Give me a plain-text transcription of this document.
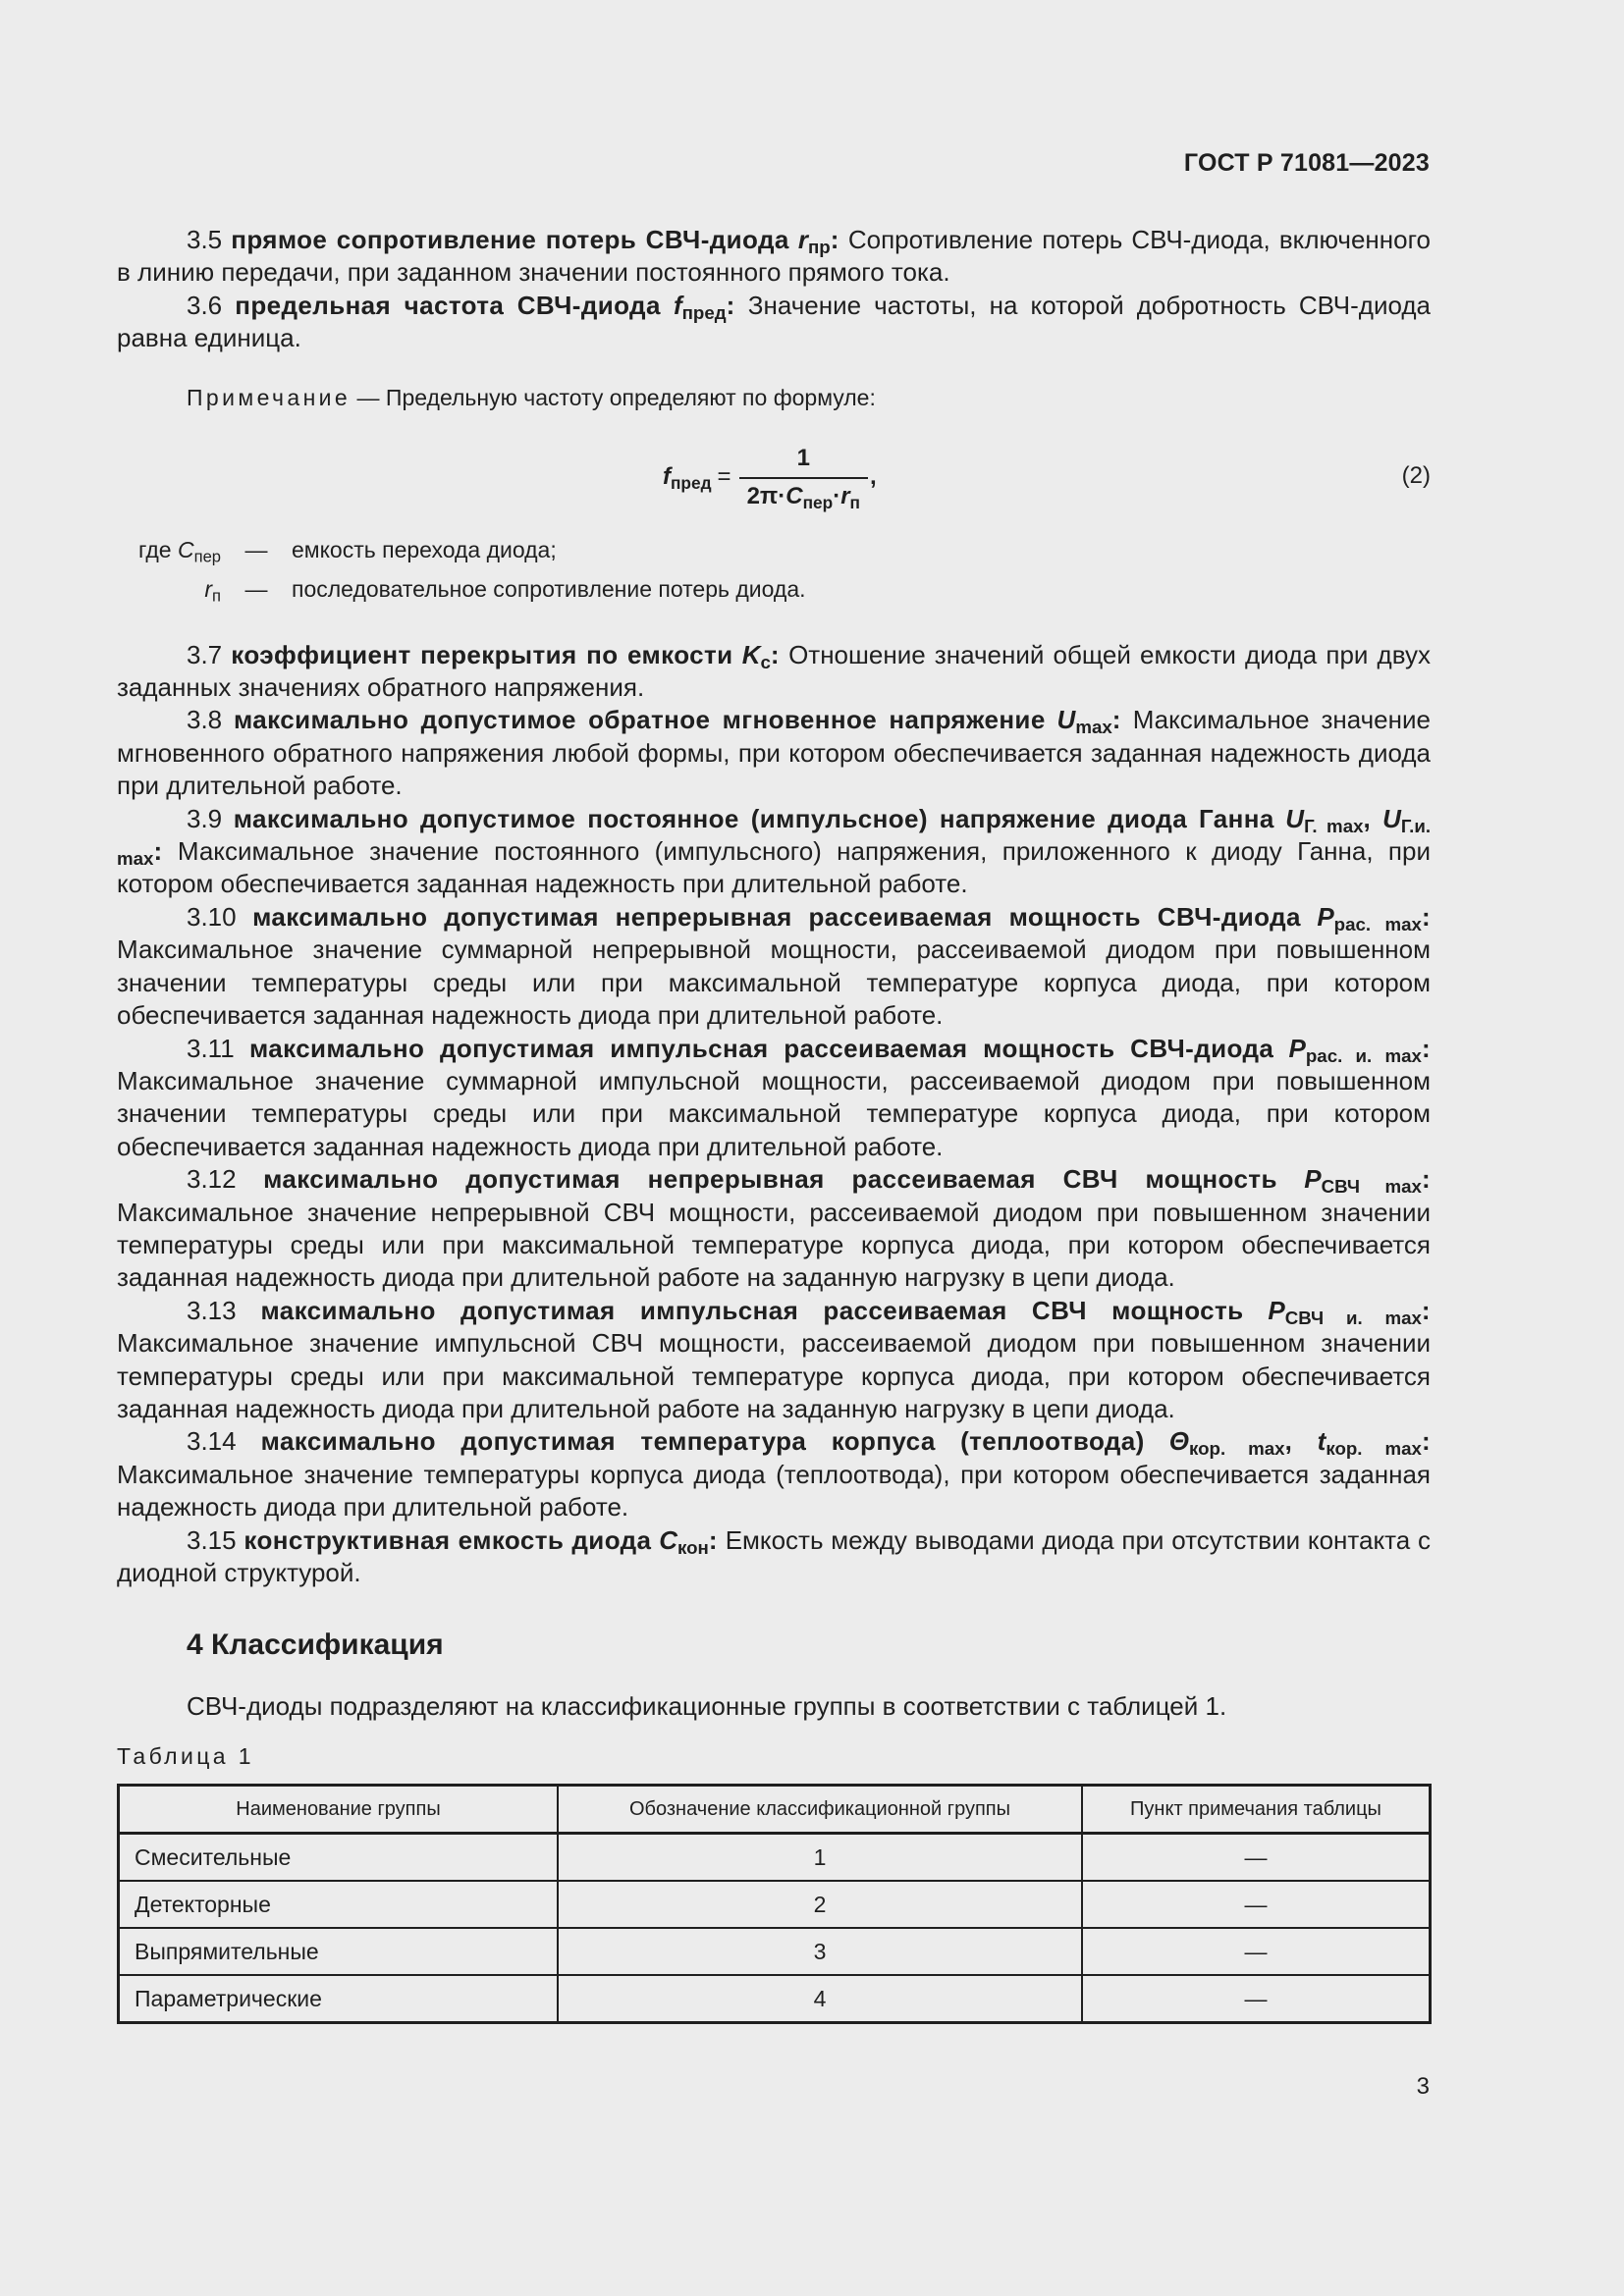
ГОСТ Р 71081—2023

3.5 прямое сопротивление потерь СВЧ-диода $r_{пр}$: Сопротивление потерь СВЧ-диода, включенного в линию передачи, при заданном значении постоянного прямого тока.

3.6 предельная частота СВЧ-диода $f_{пред}$: Значение частоты, на которой добротность СВЧ-диода равна единица.

Примечание — Предельную частоту определяют по формуле:

$f_{пред} = \frac{1}{2\pi\cdot C_{пер}\cdot r_п}$ ,	(2)
где $C_{пер}$	—	емкость перехода диода;
$r_п$	—	последовательное сопротивление потерь диода.

3.7 коэффициент перекрытия по емкости $K_с$: Отношение значений общей емкости диода при двух заданных значениях обратного напряжения.

3.8 максимально допустимое обратное мгновенное напряжение $U_{max}$: Максимальное значение мгновенного обратного напряжения любой формы, при котором обеспечивается заданная надежность диода при длительной работе.

3.9 максимально допустимое постоянное (импульсное) напряжение диода Ганна $U_{Г. max}$, $U_{Г.и. max}$: Максимальное значение постоянного (импульсного) напряжения, приложенного к диоду Ганна, при котором обеспечивается заданная надежность при длительной работе.

3.10 максимально допустимая непрерывная рассеиваемая мощность СВЧ-диода $P_{рас. max}$: Максимальное значение суммарной непрерывной мощности, рассеиваемой диодом при повышенном значении температуры среды или при максимальной температуре корпуса диода, при котором обеспечивается заданная надежность диода при длительной работе.

3.11 максимально допустимая импульсная рассеиваемая мощность СВЧ-диода $P_{рас. и. max}$: Максимальное значение суммарной импульсной мощности, рассеиваемой диодом при повышенном значении температуры среды или при максимальной температуре корпуса диода, при котором обеспечивается заданная надежность диода при длительной работе.

3.12 максимально допустимая непрерывная рассеиваемая СВЧ мощность $P_{СВЧ max}$: Максимальное значение непрерывной СВЧ мощности, рассеиваемой диодом при повышенном значении температуры среды или при максимальной температуре корпуса диода, при котором обеспечивается заданная надежность диода при длительной работе на заданную нагрузку в цепи диода.

3.13 максимально допустимая импульсная рассеиваемая СВЧ мощность $P_{СВЧ и. max}$: Максимальное значение импульсной СВЧ мощности, рассеиваемой диодом при повышенном значении температуры среды или при максимальной температуре корпуса диода, при котором обеспечивается заданная надежность диода при длительной работе на заданную нагрузку в цепи диода.

3.14 максимально допустимая температура корпуса (теплоотвода) $\Theta_{кор. max}$, $t_{кор. max}$: Максимальное значение температуры корпуса диода (теплоотвода), при котором обеспечивается заданная надежность диода при длительной работе.

3.15 конструктивная емкость диода $C_{кон}$: Емкость между выводами диода при отсутствии контакта с диодной структурой.

4 Классификация

СВЧ-диоды подразделяют на классификационные группы в соответствии с таблицей 1.

Таблица 1

Наименование группы	Обозначение классификационной группы	Пункт примечания таблицы
Смесительные	1	—
Детекторные	2	—
Выпрямительные	3	—
Параметрические	4	—
3
